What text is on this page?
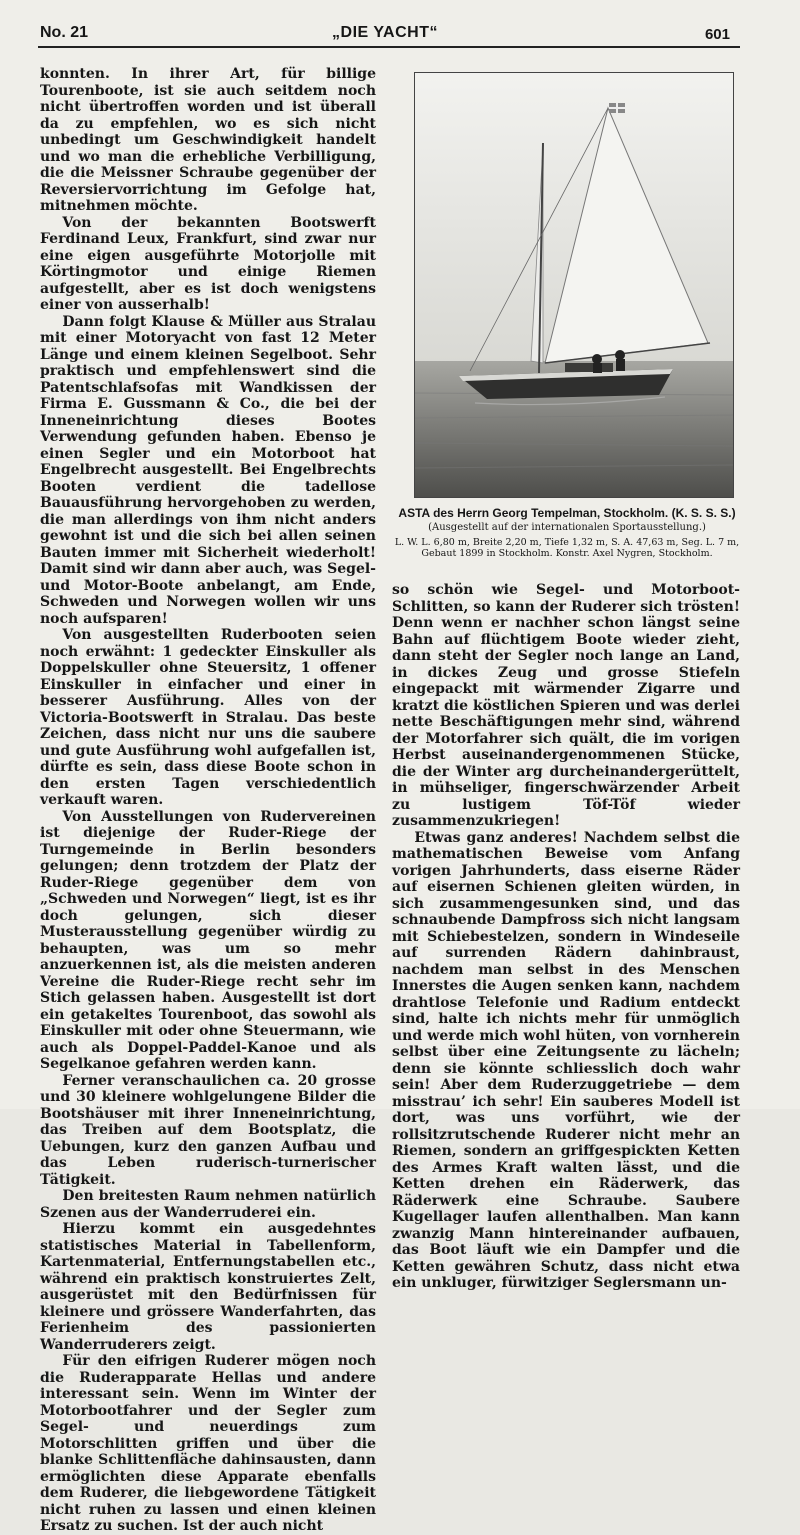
No. 21	„DIE YACHT“	601

konnten. In ihrer Art, für billige Tourenboote, ist sie auch seitdem noch nicht übertroffen worden und ist überall da zu empfehlen, wo es sich nicht unbedingt um Geschwindigkeit handelt und wo man die erhebliche Verbilligung, die die Meissner Schraube gegenüber der Reversiervorrichtung im Gefolge hat, mitnehmen möchte.

Von der bekannten Bootswerft Ferdinand Leux, Frankfurt, sind zwar nur eine eigen ausgeführte Motorjolle mit Körtingmotor und einige Riemen aufgestellt, aber es ist doch wenigstens einer von ausserhalb!

Dann folgt Klause & Müller aus Stralau mit einer Motoryacht von fast 12 Meter Länge und einem kleinen Segelboot. Sehr praktisch und empfehlenswert sind die Patentschlafsofas mit Wandkissen der Firma E. Gussmann & Co., die bei der Inneneinrichtung dieses Bootes Verwendung gefunden haben. Ebenso je einen Segler und ein Motorboot hat Engelbrecht ausgestellt. Bei Engelbrechts Booten verdient die tadellose Bauausführung hervorgehoben zu werden, die man allerdings von ihm nicht anders gewohnt ist und die sich bei allen seinen Bauten immer mit Sicherheit wiederholt! Damit sind wir dann aber auch, was Segel- und Motor-Boote anbelangt, am Ende, Schweden und Norwegen wollen wir uns noch aufsparen!

Von ausgestellten Ruderbooten seien noch erwähnt: 1 gedeckter Einskuller als Doppelskuller ohne Steuersitz, 1 offener Einskuller in einfacher und einer in besserer Ausführung. Alles von der Victoria-Bootswerft in Stralau. Das beste Zeichen, dass nicht nur uns die saubere und gute Ausführung wohl aufgefallen ist, dürfte es sein, dass diese Boote schon in den ersten Tagen verschiedentlich verkauft waren.

Von Ausstellungen von Rudervereinen ist diejenige der Ruder-Riege der Turngemeinde in Berlin besonders gelungen; denn trotzdem der Platz der Ruder-Riege gegenüber dem von „Schweden und Norwegen“ liegt, ist es ihr doch gelungen, sich dieser Musterausstellung gegenüber würdig zu behaupten, was um so mehr anzuerkennen ist, als die meisten anderen Vereine die Ruder-Riege recht sehr im Stich gelassen haben. Ausgestellt ist dort ein getakeltes Tourenboot, das sowohl als Einskuller mit oder ohne Steuermann, wie auch als Doppel-Paddel-Kanoe und als Segelkanoe gefahren werden kann.

Ferner veranschaulichen ca. 20 grosse und 30 kleinere wohlgelungene Bilder die Bootshäuser mit ihrer Inneneinrichtung, das Treiben auf dem Bootsplatz, die Uebungen, kurz den ganzen Aufbau und das Leben ruderisch-turnerischer Tätigkeit.

Den breitesten Raum nehmen natürlich Szenen aus der Wanderruderei ein.

Hierzu kommt ein ausgedehntes statistisches Material in Tabellenform, Kartenmaterial, Entfernungstabellen etc., während ein praktisch konstruiertes Zelt, ausgerüstet mit den Bedürfnissen für kleinere und grössere Wanderfahrten, das Ferienheim des passionierten Wanderruderers zeigt.

Für den eifrigen Ruderer mögen noch die Ruderapparate Hellas und andere interessant sein. Wenn im Winter der Motorbootfahrer und der Segler zum Segel- und neuerdings zum Motorschlitten griffen und über die blanke Schlittenfläche dahinsausten, dann ermöglichten diese Apparate ebenfalls dem Ruderer, die liebgewordene Tätigkeit nicht ruhen zu lassen und einen kleinen Ersatz zu suchen. Ist der auch nicht

ASTA des Herrn Georg Tempelman, Stockholm. (K. S. S. S.)

(Ausgestellt auf der internationalen Sportausstellung.)

L. W. L. 6,80 m, Breite 2,20 m, Tiefe 1,32 m, S. A. 47,63 m, Seg. L. 7 m,
Gebaut 1899 in Stockholm. Konstr. Axel Nygren, Stockholm.

so schön wie Segel- und Motorboot-Schlitten, so kann der Ruderer sich trösten! Denn wenn er nachher schon längst seine Bahn auf flüchtigem Boote wieder zieht, dann steht der Segler noch lange an Land, in dickes Zeug und grosse Stiefeln eingepackt mit wärmender Zigarre und kratzt die köstlichen Spieren und was derlei nette Beschäftigungen mehr sind, während der Motorfahrer sich quält, die im vorigen Herbst auseinandergenommenen Stücke, die der Winter arg durcheinandergerüttelt, in mühseliger, fingerschwärzender Arbeit zu lustigem Töf-Töf wieder zusammenzukriegen!

Etwas ganz anderes! Nachdem selbst die mathematischen Beweise vom Anfang vorigen Jahrhunderts, dass eiserne Räder auf eisernen Schienen gleiten würden, in sich zusammengesunken sind, und das schnaubende Dampfross sich nicht langsam mit Schiebestelzen, sondern in Windeseile auf surrenden Rädern dahinbraust, nachdem man selbst in des Menschen Innerstes die Augen senken kann, nachdem drahtlose Telefonie und Radium entdeckt sind, halte ich nichts mehr für unmöglich und werde mich wohl hüten, von vornherein selbst über eine Zeitungsente zu lächeln; denn sie könnte schliesslich doch wahr sein! Aber dem Ruderzuggetriebe — dem misstrau’ ich sehr! Ein sauberes Modell ist dort, was uns vorführt, wie der rollsitzrutschende Ruderer nicht mehr an Riemen, sondern an griffgespickten Ketten des Armes Kraft walten lässt, und die Ketten drehen ein Räderwerk, das Räderwerk eine Schraube. Saubere Kugellager laufen allenthalben. Man kann zwanzig Mann hintereinander aufbauen, das Boot läuft wie ein Dampfer und die Ketten gewähren Schutz, dass nicht etwa ein unkluger, fürwitziger Seglersmann un-
